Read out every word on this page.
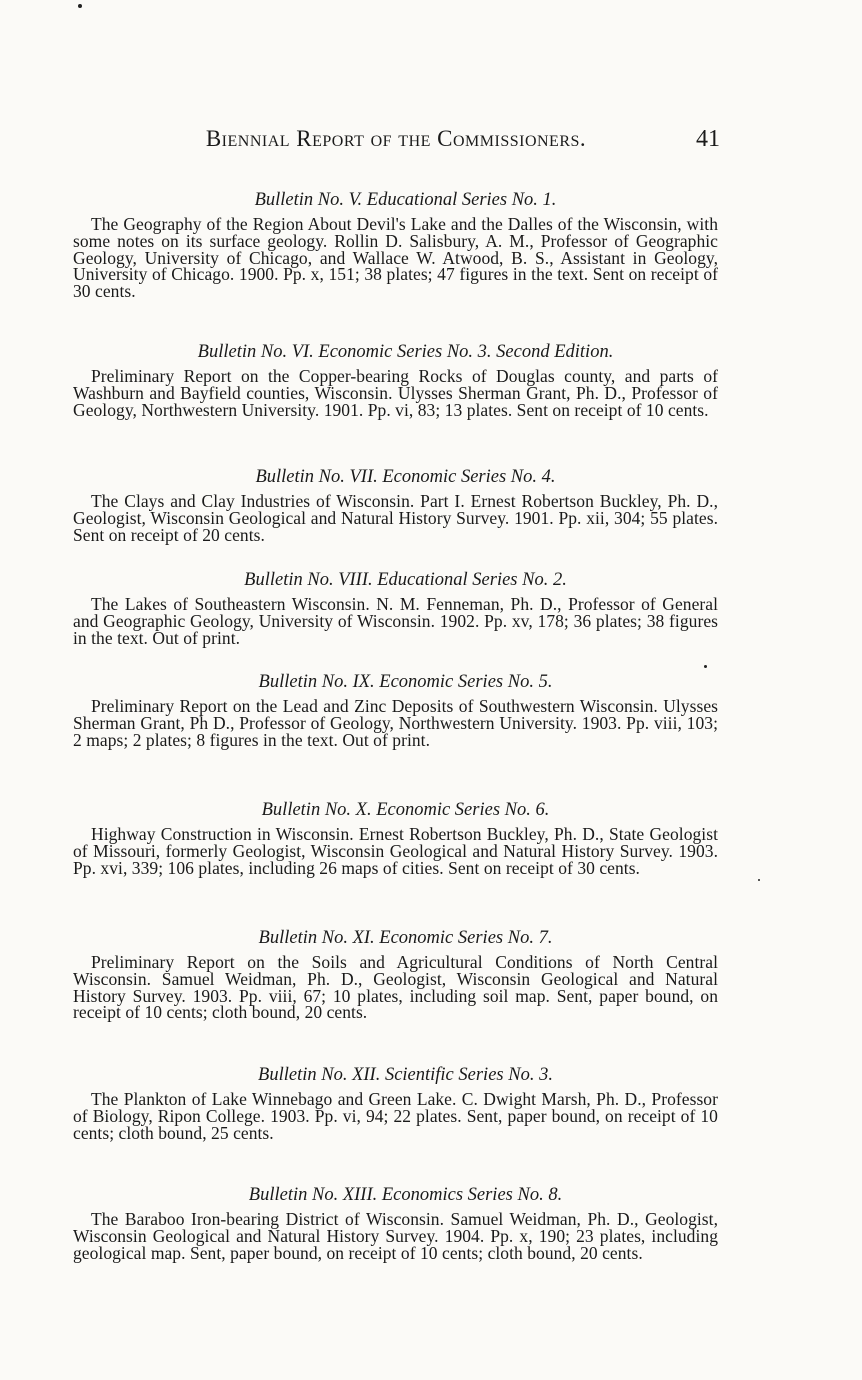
Biennial Report of the Commissioners.	41

Bulletin No. V. Educational Series No. 1.

The Geography of the Region About Devil's Lake and the Dalles of the Wisconsin, with some notes on its surface geology. Rollin D. Salisbury, A. M., Professor of Geographic Geology, University of Chicago, and Wallace W. Atwood, B. S., Assistant in Geology, University of Chicago. 1900. Pp. x, 151; 38 plates; 47 figures in the text. Sent on receipt of 30 cents.

Bulletin No. VI. Economic Series No. 3. Second Edition.

Preliminary Report on the Copper-bearing Rocks of Douglas county, and parts of Washburn and Bayfield counties, Wisconsin. Ulysses Sherman Grant, Ph. D., Professor of Geology, Northwestern University. 1901. Pp. vi, 83; 13 plates. Sent on receipt of 10 cents.

Bulletin No. VII. Economic Series No. 4.

The Clays and Clay Industries of Wisconsin. Part I. Ernest Robertson Buckley, Ph. D., Geologist, Wisconsin Geological and Natural History Survey. 1901. Pp. xii, 304; 55 plates. Sent on receipt of 20 cents.

Bulletin No. VIII. Educational Series No. 2.

The Lakes of Southeastern Wisconsin. N. M. Fenneman, Ph. D., Professor of General and Geographic Geology, University of Wisconsin. 1902. Pp. xv, 178; 36 plates; 38 figures in the text. Out of print.

Bulletin No. IX. Economic Series No. 5.

Preliminary Report on the Lead and Zinc Deposits of Southwestern Wisconsin. Ulysses Sherman Grant, Ph D., Professor of Geology, Northwestern University. 1903. Pp. viii, 103; 2 maps; 2 plates; 8 figures in the text. Out of print.

Bulletin No. X. Economic Series No. 6.

Highway Construction in Wisconsin. Ernest Robertson Buckley, Ph. D., State Geologist of Missouri, formerly Geologist, Wisconsin Geological and Natural History Survey. 1903. Pp. xvi, 339; 106 plates, including 26 maps of cities. Sent on receipt of 30 cents.

Bulletin No. XI. Economic Series No. 7.

Preliminary Report on the Soils and Agricultural Conditions of North Central Wisconsin. Samuel Weidman, Ph. D., Geologist, Wisconsin Geological and Natural History Survey. 1903. Pp. viii, 67; 10 plates, including soil map. Sent, paper bound, on receipt of 10 cents; cloth bound, 20 cents.

Bulletin No. XII. Scientific Series No. 3.

The Plankton of Lake Winnebago and Green Lake. C. Dwight Marsh, Ph. D., Professor of Biology, Ripon College. 1903. Pp. vi, 94; 22 plates. Sent, paper bound, on receipt of 10 cents; cloth bound, 25 cents.

Bulletin No. XIII. Economics Series No. 8.

The Baraboo Iron-bearing District of Wisconsin. Samuel Weidman, Ph. D., Geologist, Wisconsin Geological and Natural History Survey. 1904. Pp. x, 190; 23 plates, including geological map. Sent, paper bound, on receipt of 10 cents; cloth bound, 20 cents.
